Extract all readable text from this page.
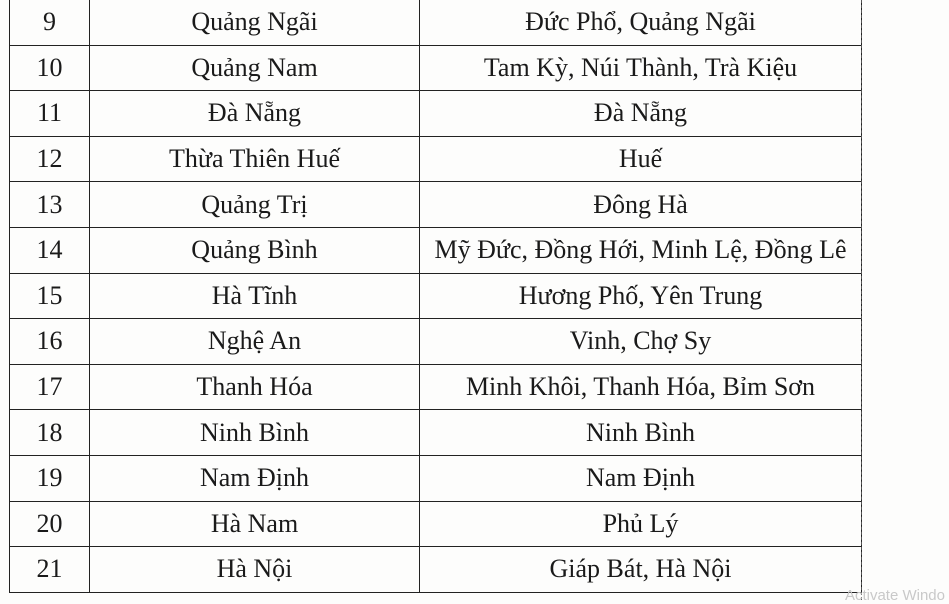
9	Quảng Ngãi	Đức Phổ, Quảng Ngãi
10	Quảng Nam	Tam Kỳ, Núi Thành, Trà Kiệu
11	Đà Nẵng	Đà Nẵng
12	Thừa Thiên Huế	Huế
13	Quảng Trị	Đông Hà
14	Quảng Bình	Mỹ Đức, Đồng Hới, Minh Lệ, Đồng Lê
15	Hà Tĩnh	Hương Phố, Yên Trung
16	Nghệ An	Vinh, Chợ Sy
17	Thanh Hóa	Minh Khôi, Thanh Hóa, Bỉm Sơn
18	Ninh Bình	Ninh Bình
19	Nam Định	Nam Định
20	Hà Nam	Phủ Lý
21	Hà Nội	Giáp Bát, Hà Nội
Activate Windo
